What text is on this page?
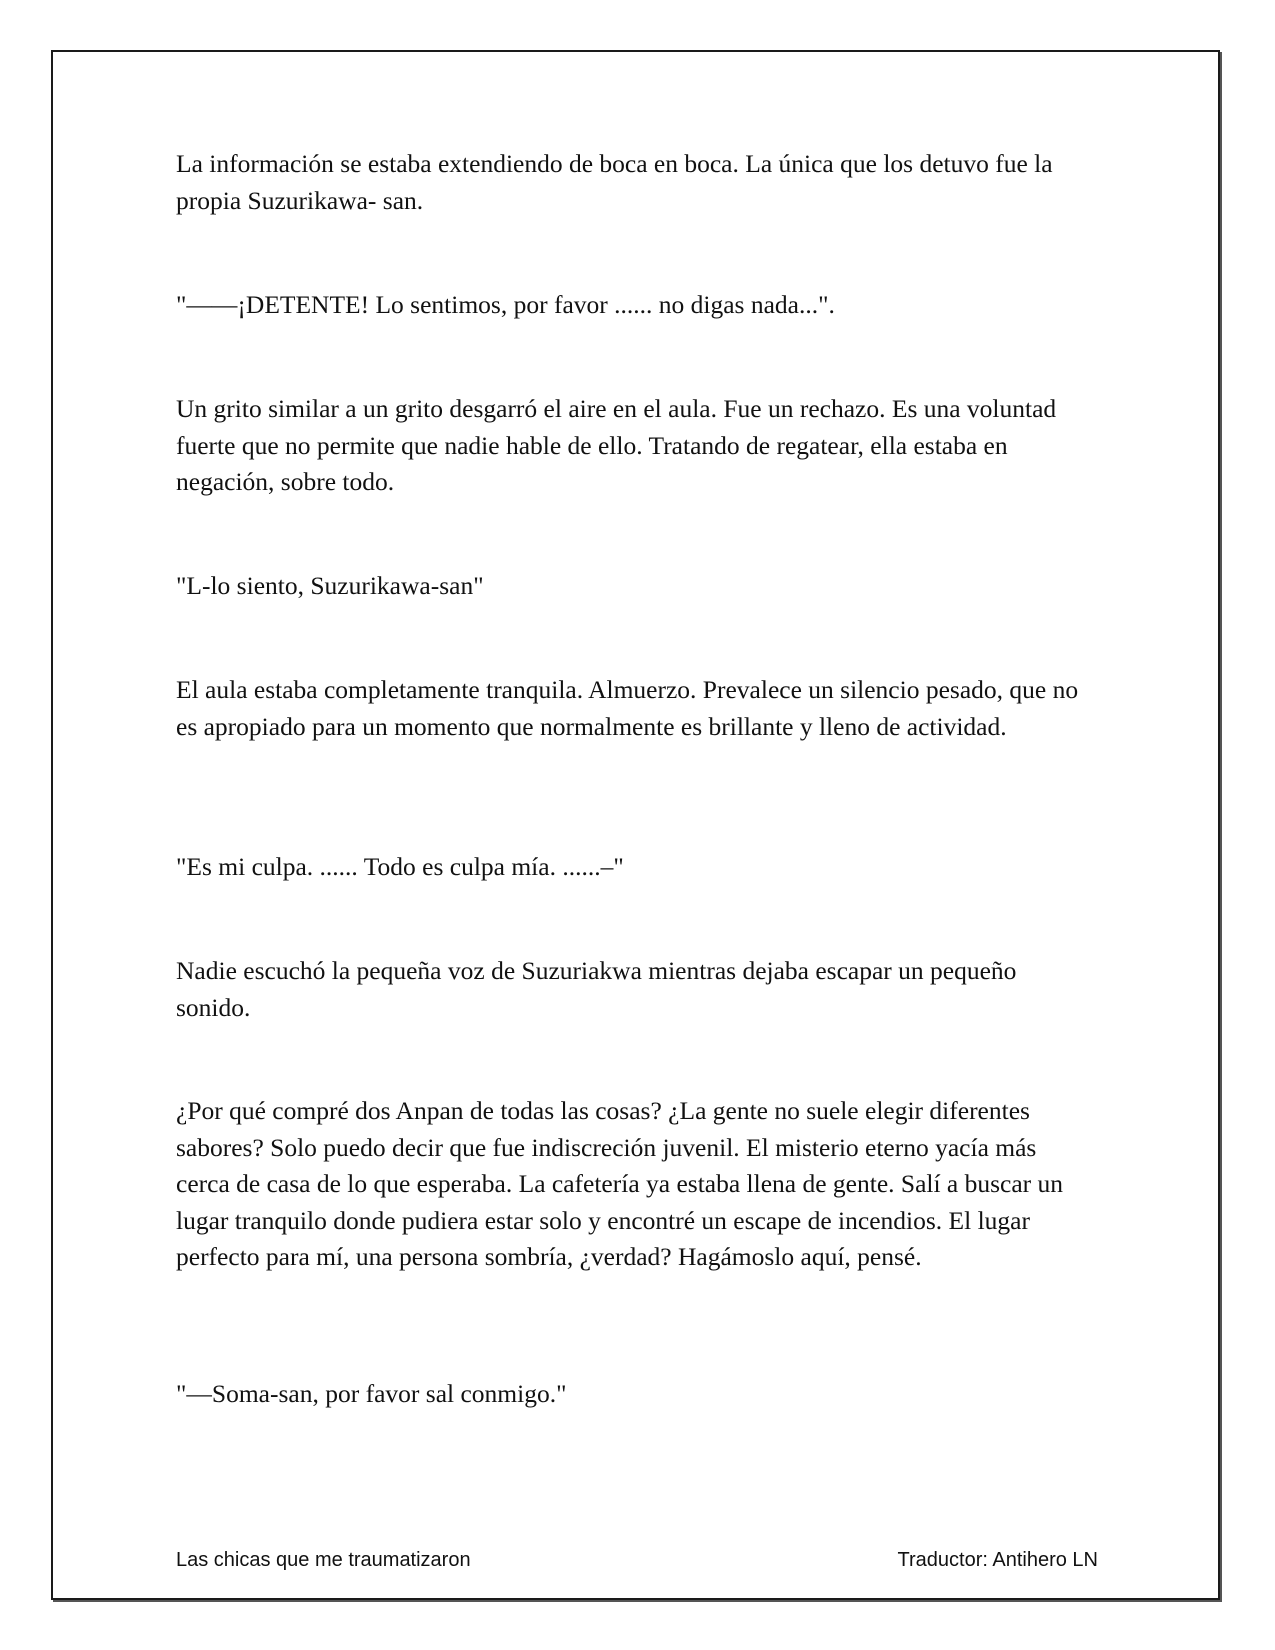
La información se estaba extendiendo de boca en boca. La única que los detuvo fue la propia Suzurikawa- san.

"——¡DETENTE! Lo sentimos, por favor ...... no digas nada...".

Un grito similar a un grito desgarró el aire en el aula. Fue un rechazo. Es una voluntad fuerte que no permite que nadie hable de ello. Tratando de regatear, ella estaba en negación, sobre todo.

"L-lo siento, Suzurikawa-san"

El aula estaba completamente tranquila. Almuerzo. Prevalece un silencio pesado, que no es apropiado para un momento que normalmente es brillante y lleno de actividad.

"Es mi culpa. ...... Todo es culpa mía. ......–"

Nadie escuchó la pequeña voz de Suzuriakwa mientras dejaba escapar un pequeño sonido.

¿Por qué compré dos Anpan de todas las cosas? ¿La gente no suele elegir diferentes sabores? Solo puedo decir que fue indiscreción juvenil. El misterio eterno yacía más cerca de casa de lo que esperaba. La cafetería ya estaba llena de gente. Salí a buscar un lugar tranquilo donde pudiera estar solo y encontré un escape de incendios. El lugar perfecto para mí, una persona sombría, ¿verdad? Hagámoslo aquí, pensé.

"—Soma-san, por favor sal conmigo."

Las chicas que me traumatizaron	Traductor: Antihero LN
